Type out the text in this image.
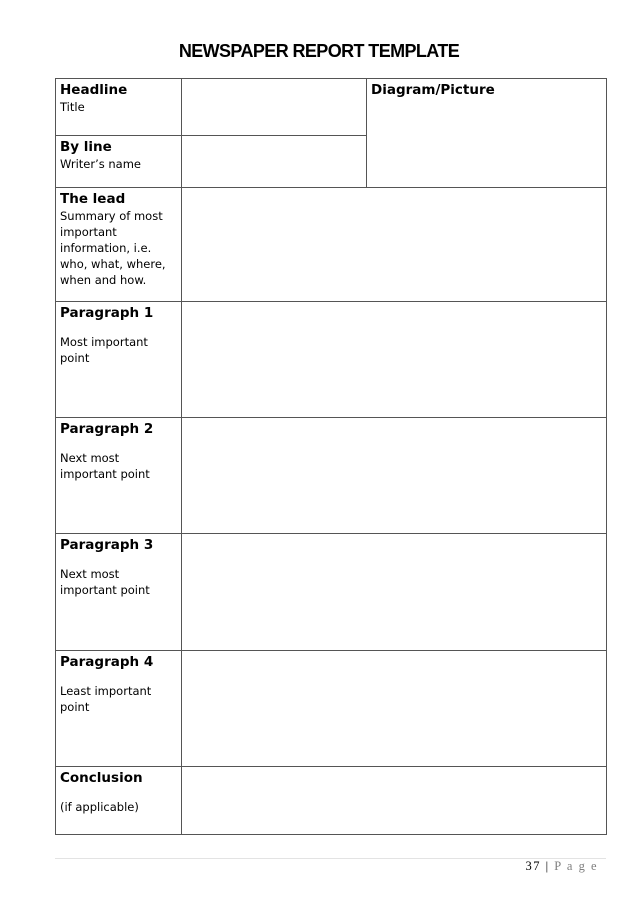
NEWSPAPER REPORT TEMPLATE
Headline
Title		Diagram/Picture

By line
Writer’s name		

The lead
Summary of most important information, i.e. who, what, where, when and how.		

Paragraph 1
Most important point		

Paragraph 2
Next most important point		

Paragraph 3
Next most important point		

Paragraph 4
Least important point		

Conclusion
(if applicable)		

37 | P a g e
